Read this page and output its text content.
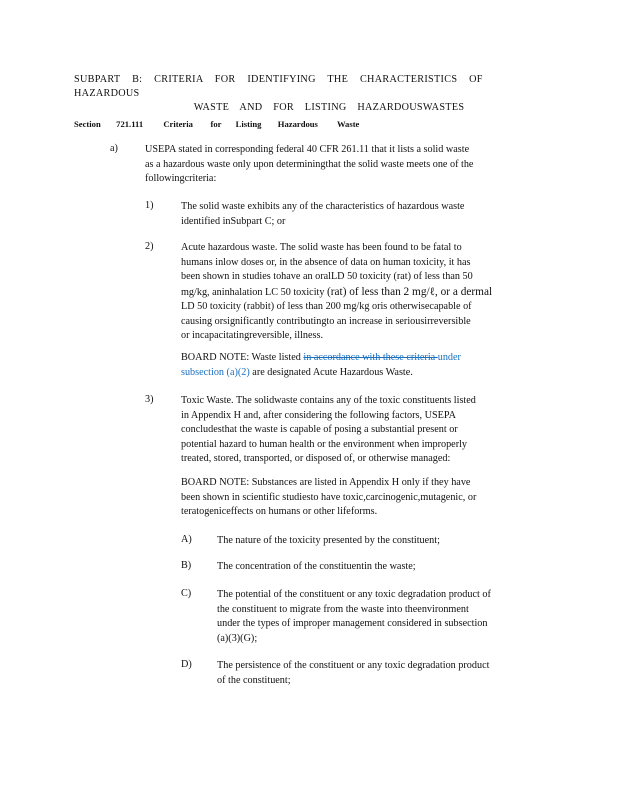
SUBPART B: CRITERIA FOR IDENTIFYING THE CHARACTERISTICS OF HAZARDOUS
WASTE AND FOR LISTING HAZARDOUSWASTES
Section 721.111 Criteria for Listing Hazardous Waste
a)	USEPA stated in corresponding federal 40 CFR 261.11 that it lists a solid waste
as a hazardous waste only upon determiningthat the solid waste meets one of the
followingcriteria:
1)	The solid waste exhibits any of the characteristics of hazardous waste
identified inSubpart C; or
2)	Acute hazardous waste. The solid waste has been found to be fatal to
humans inlow doses or, in the absence of data on human toxicity, it has
been shown in studies tohave an oralLD 50 toxicity (rat) of less than 50
mg/kg, aninhalation LC 50 toxicity (rat) of less than 2 mg/ℓ, or a dermal
LD 50 toxicity (rabbit) of less than 200 mg/kg oris otherwisecapable of
causing orsignificantly contributingto an increase in seriousirreversible
or incapacitatingreversible, illness.
BOARD NOTE: Waste listed in accordance with these criteria under
subsection (a)(2) are designated Acute Hazardous Waste.
3)	Toxic Waste. The solidwaste contains any of the toxic constituents listed
in Appendix H and, after considering the following factors, USEPA
concludesthat the waste is capable of posing a substantial present or
potential hazard to human health or the environment when improperly
treated, stored, transported, or disposed of, or otherwise managed:
BOARD NOTE: Substances are listed in Appendix H only if they have
been shown in scientific studiesto have toxic,carcinogenic,mutagenic, or
teratogeniceffects on humans or other lifeforms.
A) The nature of the toxicity presented by the constituent;
B)	The concentration of the constituentin the waste;
C)	The potential of the constituent or any toxic degradation product of
the constituent to migrate from the waste into theenvironment
under the types of improper management considered in subsection
(a)(3)(G);
D) The persistence of the constituent or any toxic degradation product
of the constituent;
